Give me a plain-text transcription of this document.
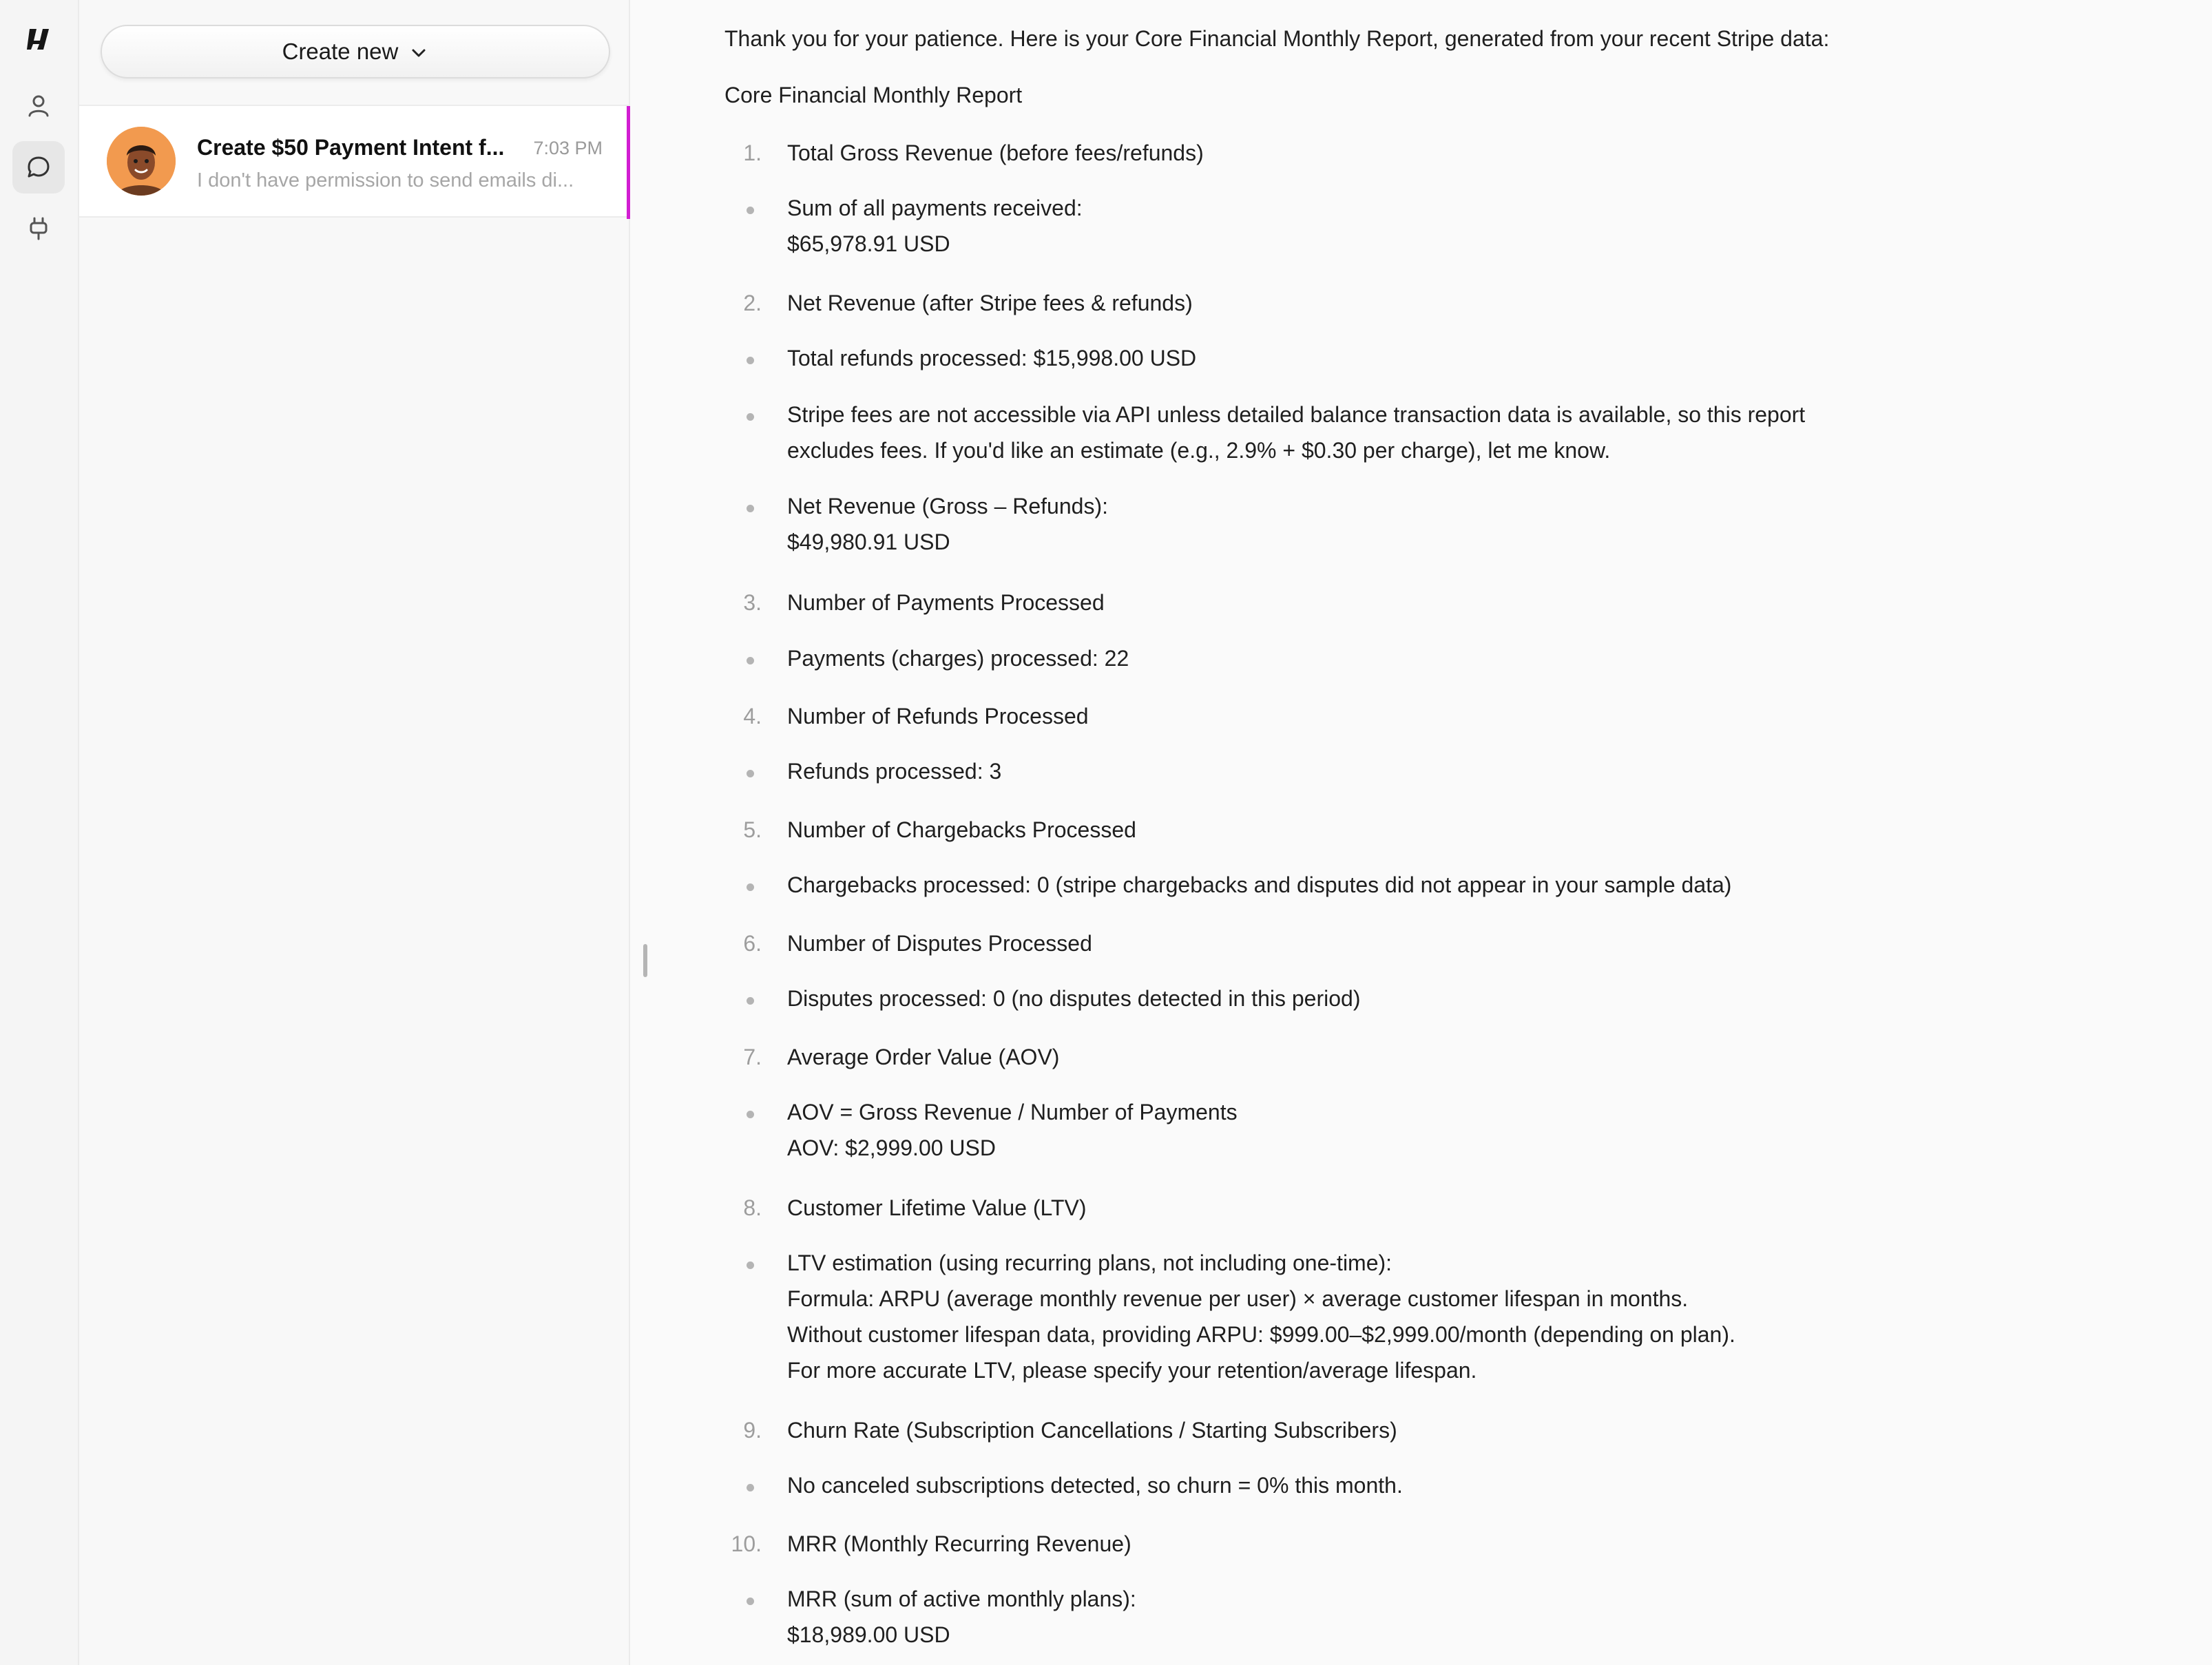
Create new
Create $50 Payment Intent f...	7:03 PM
I don't have permission to send emails di...
Thank you for your patience. Here is your Core Financial Monthly Report, generated from your recent Stripe data:
Core Financial Monthly Report
1. Total Gross Revenue (before fees/refunds)
Sum of all payments received:
$65,978.91 USD
2. Net Revenue (after Stripe fees & refunds)
Total refunds processed: $15,998.00 USD
Stripe fees are not accessible via API unless detailed balance transaction data is available, so this report
excludes fees. If you'd like an estimate (e.g., 2.9% + $0.30 per charge), let me know.
Net Revenue (Gross – Refunds):
$49,980.91 USD
3. Number of Payments Processed
Payments (charges) processed: 22
4. Number of Refunds Processed
Refunds processed: 3
5. Number of Chargebacks Processed
Chargebacks processed: 0 (stripe chargebacks and disputes did not appear in your sample data)
6. Number of Disputes Processed
Disputes processed: 0 (no disputes detected in this period)
7. Average Order Value (AOV)
AOV = Gross Revenue / Number of Payments
AOV: $2,999.00 USD
8. Customer Lifetime Value (LTV)
LTV estimation (using recurring plans, not including one-time):
Formula: ARPU (average monthly revenue per user) × average customer lifespan in months.
Without customer lifespan data, providing ARPU: $999.00–$2,999.00/month (depending on plan).
For more accurate LTV, please specify your retention/average lifespan.
9. Churn Rate (Subscription Cancellations / Starting Subscribers)
No canceled subscriptions detected, so churn = 0% this month.
10. MRR (Monthly Recurring Revenue)
MRR (sum of active monthly plans):
$18,989.00 USD
